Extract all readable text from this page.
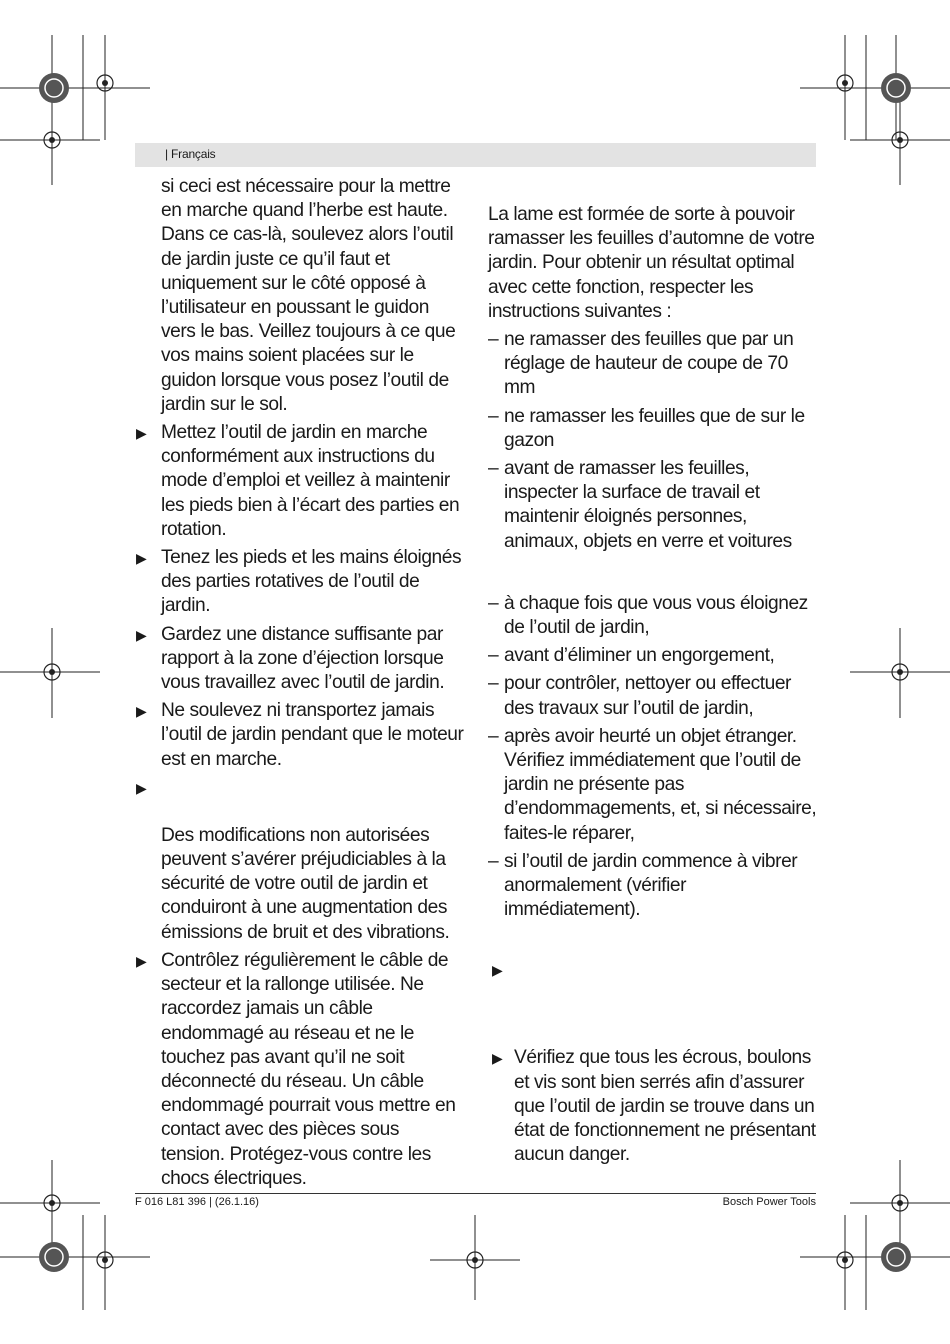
| Français

si ceci est nécessaire pour la mettre en marche quand l’herbe est haute. Dans ce cas-là, soulevez alors l’outil de jardin juste ce qu’il faut et uniquement sur le côté opposé à l’utilisateur en poussant le guidon vers le bas. Veillez toujours à ce que vos mains soient placées sur le guidon lorsque vous posez l’outil de jardin sur le sol.

▶ Mettez l’outil de jardin en marche conformément aux instructions du mode d’emploi et veillez à maintenir les pieds bien à l’écart des parties en rotation.

▶ Tenez les pieds et les mains éloignés des parties rotatives de l’outil de jardin.

▶ Gardez une distance suffisante par rapport à la zone d’éjection lorsque vous travaillez avec l’outil de jardin.

▶ Ne soulevez ni transportez jamais l’outil de jardin pendant que le moteur est en marche.

▶

Des modifications non autorisées peuvent s’avérer préjudiciables à la sécurité de votre outil de jardin et conduiront à une augmentation des émissions de bruit et des vibrations.

▶ Contrôlez régulièrement le câble de secteur et la rallonge utilisée. Ne raccordez jamais un câble endommagé au réseau et ne le touchez pas avant qu’il ne soit déconnecté du réseau. Un câble endommagé pourrait vous mettre en contact avec des pièces sous tension. Protégez-vous contre les chocs électriques.

La lame est formée de sorte à pouvoir ramasser les feuilles d’automne de votre jardin. Pour obtenir un résultat optimal avec cette fonction, respecter les instructions suivantes :

– ne ramasser des feuilles que par un réglage de hauteur de coupe de 70 mm
– ne ramasser les feuilles que de sur le gazon
– avant de ramasser les feuilles, inspecter la surface de travail et maintenir éloignés personnes, animaux, objets en verre et voitures
– à chaque fois que vous vous éloignez de l’outil de jardin,
– avant d’éliminer un engorgement,
– pour contrôler, nettoyer ou effectuer des travaux sur l’outil de jardin,
– après avoir heurté un objet étranger. Vérifiez immédiatement que l’outil de jardin ne présente pas d’endommagements, et, si nécessaire, faites-le réparer,
– si l’outil de jardin commence à vibrer anormalement (vérifier immédiatement).
▶
▶ Vérifiez que tous les écrous, boulons et vis sont bien serrés afin d’assurer que l’outil de jardin se trouve dans un état de fonctionnement ne présentant aucun danger.

F 016 L81 396 | (26.1.16)	Bosch Power Tools
